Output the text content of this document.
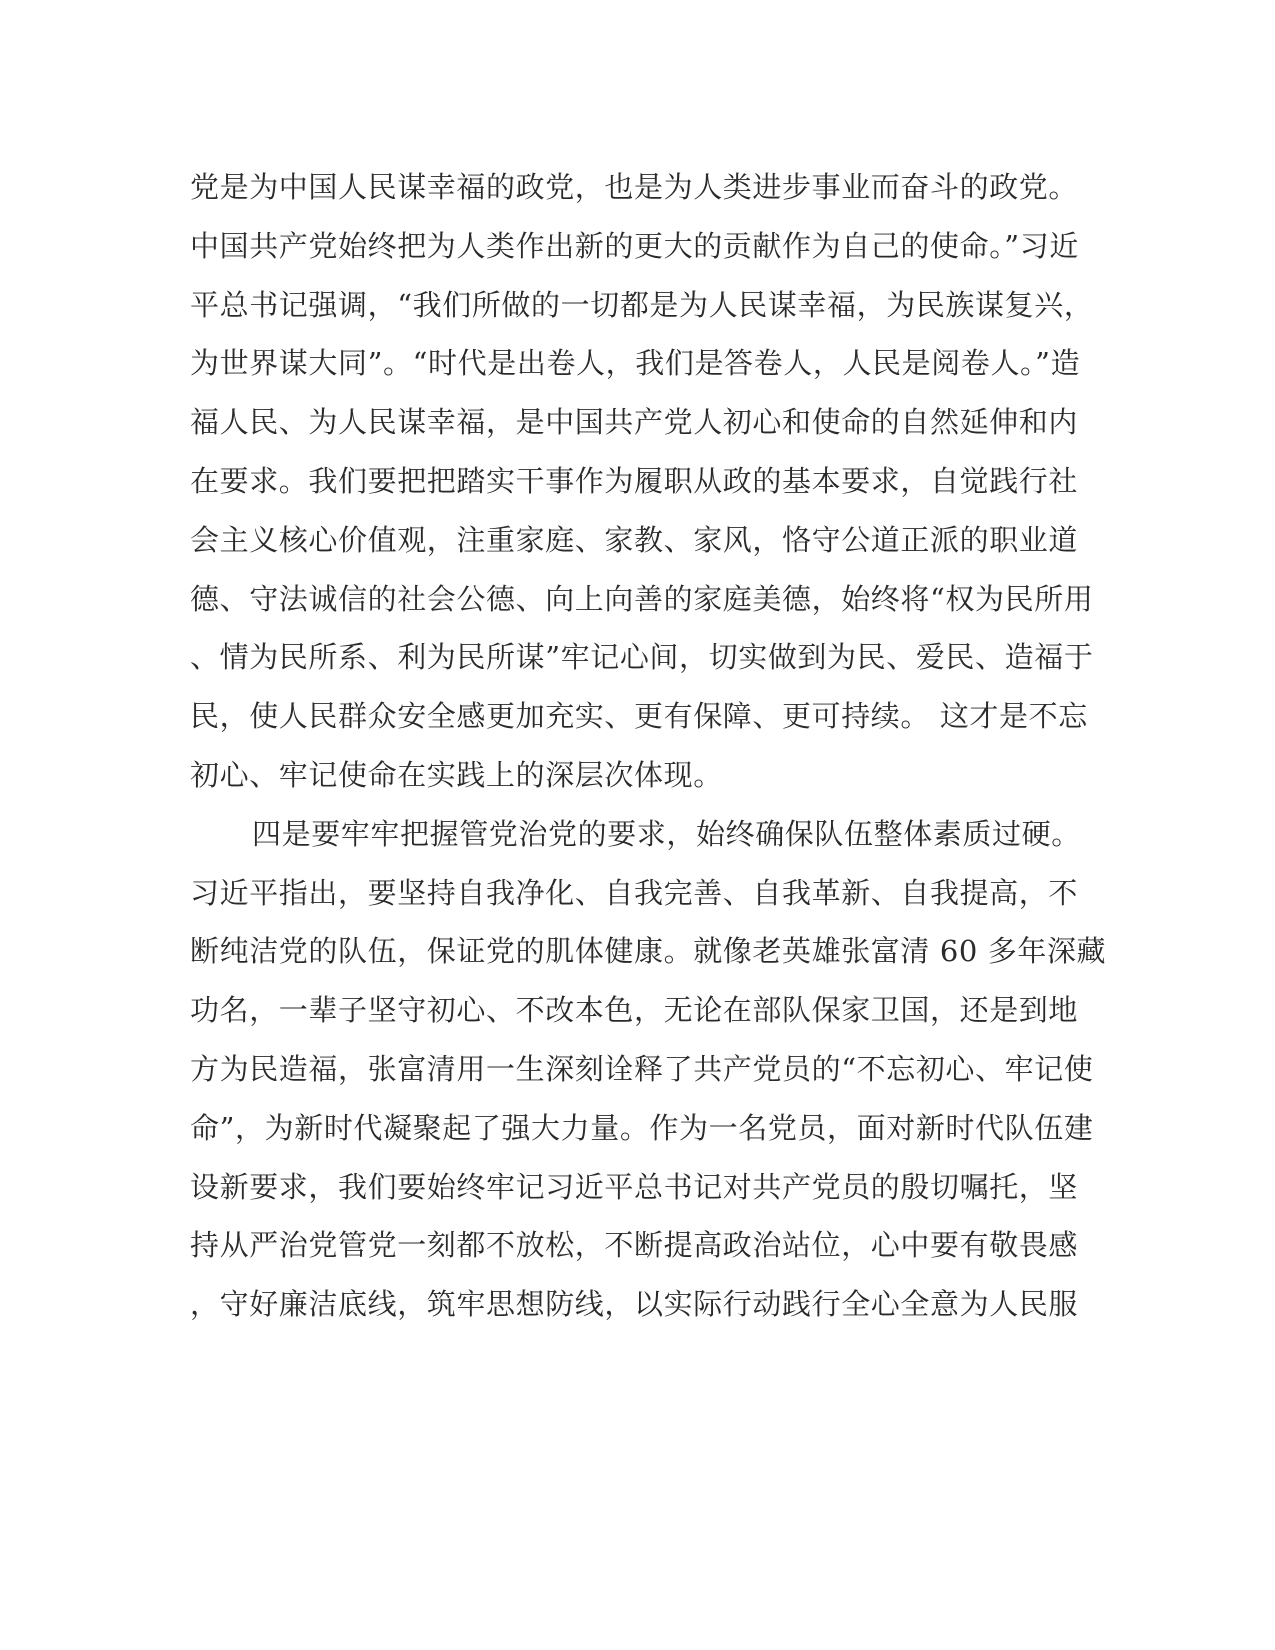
党是为中国人民谋幸福的政党，也是为人类进步事业而奋斗的政党。
中国共产党始终把为人类作出新的更大的贡献作为自己的使命。”习近
平总书记强调，“我们所做的一切都是为人民谋幸福，为民族谋复兴，
为世界谋大同”。“时代是出卷人，我们是答卷人，人民是阅卷人。”造
福人民、为人民谋幸福，是中国共产党人初心和使命的自然延伸和内
在要求。我们要把把踏实干事作为履职从政的基本要求，自觉践行社
会主义核心价值观，注重家庭、家教、家风，恪守公道正派的职业道
德、守法诚信的社会公德、向上向善的家庭美德，始终将“权为民所用
、情为民所系、利为民所谋”牢记心间，切实做到为民、爱民、造福于
民，使人民群众安全感更加充实、更有保障、更可持续。 这才是不忘
初心、牢记使命在实践上的深层次体现。
四是要牢牢把握管党治党的要求，始终确保队伍整体素质过硬。
习近平指出，要坚持自我净化、自我完善、自我革新、自我提高，不
断纯洁党的队伍，保证党的肌体健康。就像老英雄张富清 60 多年深藏
功名，一辈子坚守初心、不改本色，无论在部队保家卫国，还是到地
方为民造福，张富清用一生深刻诠释了共产党员的“不忘初心、牢记使
命”，为新时代凝聚起了强大力量。作为一名党员，面对新时代队伍建
设新要求，我们要始终牢记习近平总书记对共产党员的殷切嘱托，坚
持从严治党管党一刻都不放松，不断提高政治站位，心中要有敬畏感
，守好廉洁底线，筑牢思想防线，以实际行动践行全心全意为人民服
